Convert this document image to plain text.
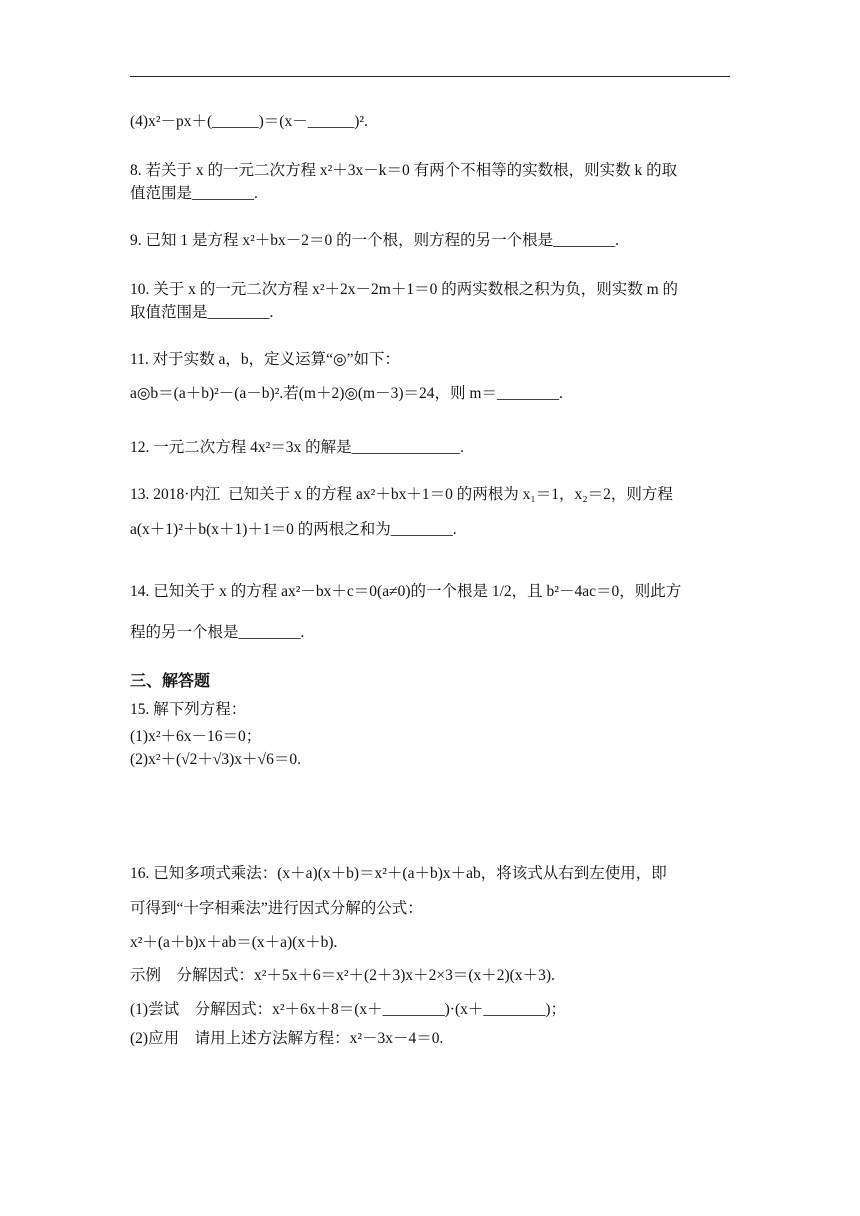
(4)x²－px＋(______)＝(x－______)².
8. 若关于 x 的一元二次方程 x²＋3x－k＝0 有两个不相等的实数根，则实数 k 的取
值范围是________.
9. 已知 1 是方程 x²＋bx－2＝0 的一个根，则方程的另一个根是________.
10. 关于 x 的一元二次方程 x²＋2x－2m＋1＝0 的两实数根之积为负，则实数 m 的
取值范围是________.
11. 对于实数 a，b，定义运算“◎”如下：
a◎b＝(a＋b)²－(a－b)².若(m＋2)◎(m－3)＝24，则 m＝________.
12. 一元二次方程 4x²＝3x 的解是______________.
13. 2018·内江  已知关于 x 的方程 ax²＋bx＋1＝0 的两根为 x₁＝1，x₂＝2，则方程
a(x＋1)²＋b(x＋1)＋1＝0 的两根之和为________.
14. 已知关于 x 的方程 ax²－bx＋c＝0(a≠0)的一个根是 1/2，且 b²－4ac＝0，则此方
程的另一个根是________.
三、解答题
15. 解下列方程：
(1)x²＋6x－16＝0；
(2)x²＋(√2＋√3)x＋√6＝0.
16. 已知多项式乘法：(x＋a)(x＋b)＝x²＋(a＋b)x＋ab，将该式从右到左使用，即
可得到“十字相乘法”进行因式分解的公式：
x²＋(a＋b)x＋ab＝(x＋a)(x＋b).
示例    分解因式：x²＋5x＋6＝x²＋(2＋3)x＋2×3＝(x＋2)(x＋3).
(1)尝试    分解因式：x²＋6x＋8＝(x＋________)·(x＋________)；
(2)应用    请用上述方法解方程：x²－3x－4＝0.
